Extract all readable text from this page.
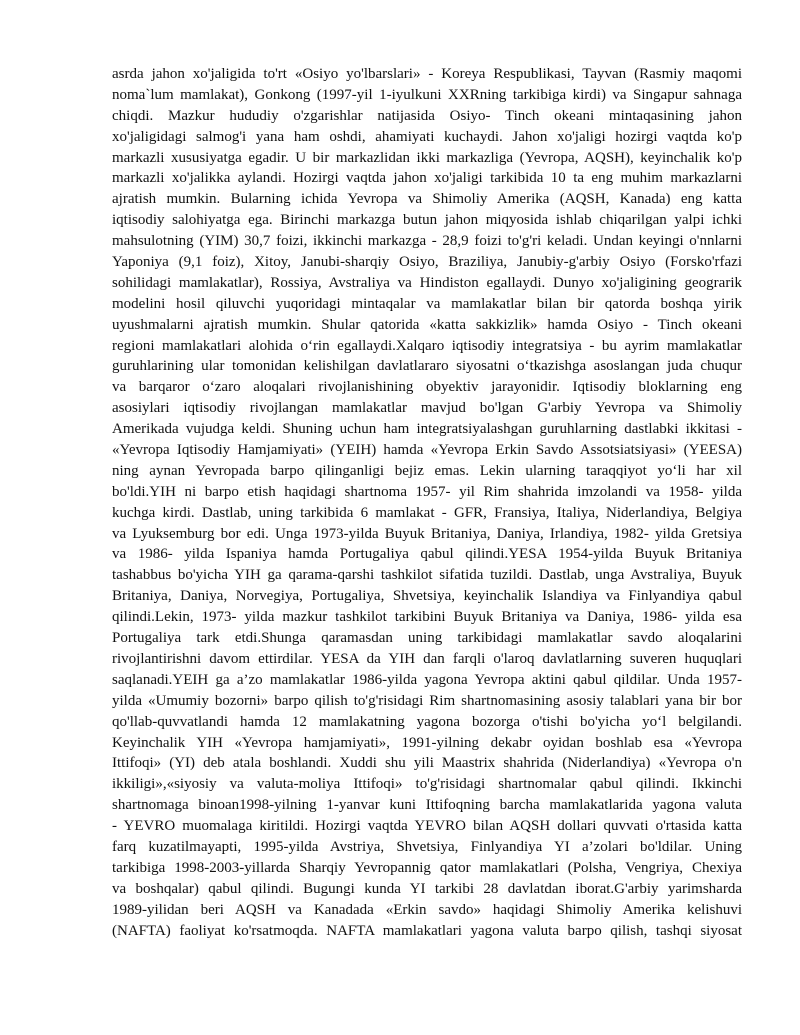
asrda jahon xo'jaligida to'rt «Osiyo yo'lbarslari» - Koreya Respublikasi, Tayvan (Rasmiy maqomi
noma`lum mamlakat), Gonkong (1997-yil 1-iyulkuni XXRning tarkibiga kirdi) va Singapur sahnaga
chiqdi. Mazkur hududiy o'zgarishlar natijasida Osiyo- Tinch okeani mintaqasining jahon
xo'jaligidagi salmog'i yana ham oshdi, ahamiyati kuchaydi. Jahon xo'jaligi hozirgi vaqtda ko'p
markazli xususiyatga egadir. U bir markazlidan ikki markazliga (Yevropa, AQSH), keyinchalik ko'p
markazli xo'jalikka aylandi. Hozirgi vaqtda jahon xo'jaligi tarkibida 10 ta eng muhim markazlarni
ajratish mumkin. Bularning ichida Yevropa va Shimoliy Amerika (AQSH, Kanada) eng katta
iqtisodiy salohiyatga ega. Birinchi markazga butun jahon miqyosida ishlab chiqarilgan yalpi ichki
mahsulotning (YIM) 30,7 foizi, ikkinchi markazga - 28,9 foizi to'g'ri keladi. Undan keyingi o'nnlarni
Yaponiya (9,1 foiz), Xitoy, Janubi-sharqiy Osiyo, Braziliya, Janubiy-g'arbiy Osiyo (Forsko'rfazi
sohilidagi mamlakatlar), Rossiya, Avstraliya va Hindiston egallaydi. Dunyo xo'jaligining geograrik
modelini hosil qiluvchi yuqoridagi mintaqalar va mamlakatlar bilan bir qatorda boshqa yirik
uyushmalarni ajratish mumkin. Shular qatorida «katta sakkizlik» hamda Osiyo - Tinch okeani
regioni mamlakatlari alohida o‘rin egallaydi.Xalqaro iqtisodiy integratsiya - bu ayrim mamlakatlar
guruhlarining ular tomonidan kelishilgan davlatlararo siyosatni o‘tkazishga asoslangan juda chuqur
va barqaror o‘zaro aloqalari rivojlanishining obyektiv jarayonidir. Iqtisodiy bloklarning eng
asosiylari iqtisodiy rivojlangan mamlakatlar mavjud bo'lgan G'arbiy Yevropa va Shimoliy
Amerikada vujudga keldi. Shuning uchun ham integratsiyalashgan guruhlarning dastlabki ikkitasi -
«Yevropa Iqtisodiy Hamjamiyati» (YEIH) hamda «Yevropa Erkin Savdo Assotsiatsiyasi» (YEESA)
ning aynan Yevropada barpo qilinganligi bejiz emas. Lekin ularning taraqqiyot yo‘li har xil
bo'ldi.YIH ni barpo etish haqidagi shartnoma 1957- yil Rim shahrida imzolandi va 1958- yilda
kuchga kirdi. Dastlab, uning tarkibida 6 mamlakat - GFR, Fransiya, Italiya, Niderlandiya, Belgiya
va Lyuksemburg bor edi. Unga 1973-yilda Buyuk Britaniya, Daniya, Irlandiya, 1982- yilda Gretsiya
va 1986- yilda Ispaniya hamda Portugaliya qabul qilindi.YESA 1954-yilda Buyuk Britaniya
tashabbus bo'yicha YIH ga qarama-qarshi tashkilot sifatida tuzildi. Dastlab, unga Avstraliya, Buyuk
Britaniya, Daniya, Norvegiya, Portugaliya, Shvetsiya, keyinchalik Islandiya va Finlyandiya qabul
qilindi.Lekin, 1973- yilda mazkur tashkilot tarkibini Buyuk Britaniya va Daniya, 1986- yilda esa
Portugaliya tark etdi.Shunga qaramasdan uning tarkibidagi mamlakatlar savdo aloqalarini
rivojlantirishni davom ettirdilar. YESA da YIH dan farqli o'laroq davlatlarning suveren huquqlari
saqlanadi.YEIH ga a’zo mamlakatlar 1986-yilda yagona Yevropa aktini qabul qildilar. Unda 1957-
yilda «Umumiy bozorni» barpo qilish to'g'risidagi Rim shartnomasining asosiy talablari yana bir bor
qo'llab-quvvatlandi hamda 12 mamlakatning yagona bozorga o'tishi bo'yicha yo‘l belgilandi.
Keyinchalik YIH «Yevropa hamjamiyati», 1991-yilning dekabr oyidan boshlab esa «Yevropa
Ittifoqi» (YI) deb atala boshlandi. Xuddi shu yili Maastrix shahrida (Niderlandiya) «Yevropa o'n
ikkiligi»,«siyosiy va valuta-moliya Ittifoqi» to'g'risidagi shartnomalar qabul qilindi. Ikkinchi
shartnomaga binoan1998-yilning 1-yanvar kuni Ittifoqning barcha mamlakatlarida yagona valuta
- YEVRO muomalaga kiritildi. Hozirgi vaqtda YEVRO bilan AQSH dollari quvvati o'rtasida katta
farq kuzatilmayapti, 1995-yilda Avstriya, Shvetsiya, Finlyandiya YI a’zolari bo'ldilar. Uning
tarkibiga 1998-2003-yillarda Sharqiy Yevropannig qator mamlakatlari (Polsha, Vengriya, Chexiya
va boshqalar) qabul qilindi. Bugungi kunda YI tarkibi 28 davlatdan iborat.G'arbiy yarimsharda
1989-yilidan beri AQSH va Kanadada «Erkin savdo» haqidagi Shimoliy Amerika kelishuvi
(NAFTA) faoliyat ko'rsatmoqda. NAFTA mamlakatlari yagona valuta barpo qilish, tashqi siyosat
